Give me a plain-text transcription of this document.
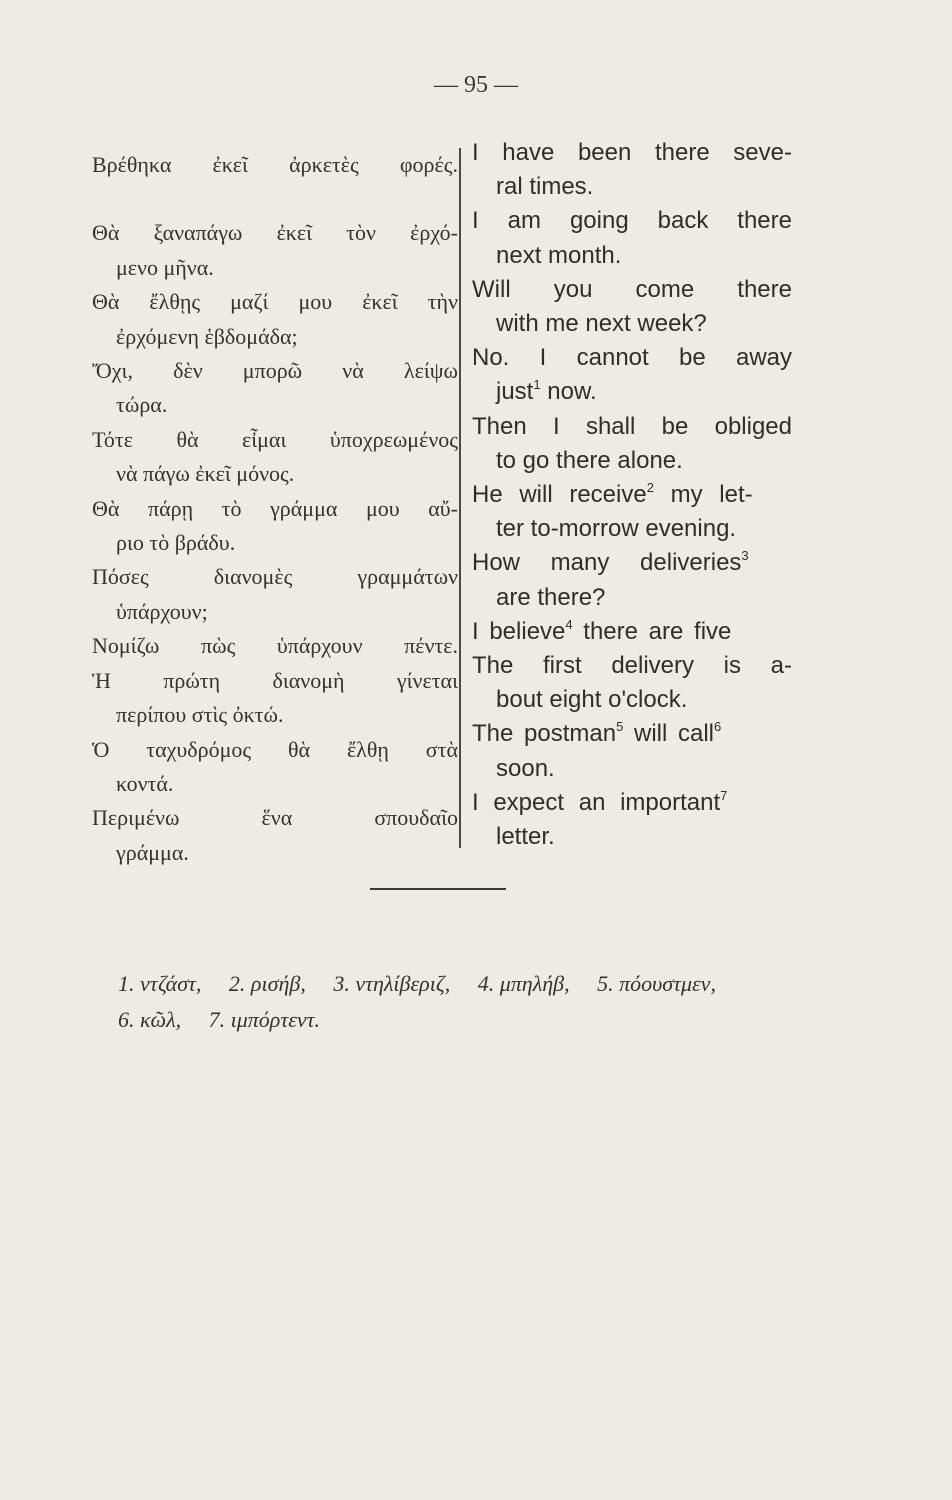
— 95 —
Βρέθηκα ἐκεῖ ἀρκετὲς φορές.
Θὰ ξαναπάγω ἐκεῖ τὸν ἐρχό-
μενο μῆνα.
Θὰ ἔλθῃς μαζί μου ἐκεῖ τὴν
ἐρχόμενη ἑβδομάδα;
Ὄχι, δὲν μπορῶ νὰ λείψω
τώρα.
Τότε θὰ εἶμαι ὑποχρεωμένος
νὰ πάγω ἐκεῖ μόνος.
Θὰ πάρῃ τὸ γράμμα μου αὔ-
ριο τὸ βράδυ.
Πόσες διανομὲς γραμμάτων
ὑπάρχουν;
Νομίζω πὼς ὑπάρχουν πέντε.
Ἡ πρώτη διανομὴ γίνεται
περίπου στὶς ὀκτώ.
Ὁ ταχυδρόμος θὰ ἔλθῃ στὰ
κοντά.
Περιμένω ἕνα σπουδαῖο
γράμμα.
I have been there seve-
ral times.
I am going back there
next month.
Will you come there
with me next week?
No. I cannot be away
just$^1$ now.
Then I shall be obliged
to go there alone.
He will receive$^2$ my let-
ter to-morrow evening.
How many deliveries$^3$
are there?
I believe$^4$ there are five
The first delivery is a-
bout eight o'clock.
The postman$^5$ will call$^6$
soon.
I expect an important$^7$
letter.
1. ντζάστ, 2. ρισήβ, 3. ντηλίβεριζ, 4. μπηλήβ, 5. πόουστμεν, 6. κῶλ, 7. ιμπόρτεντ.
